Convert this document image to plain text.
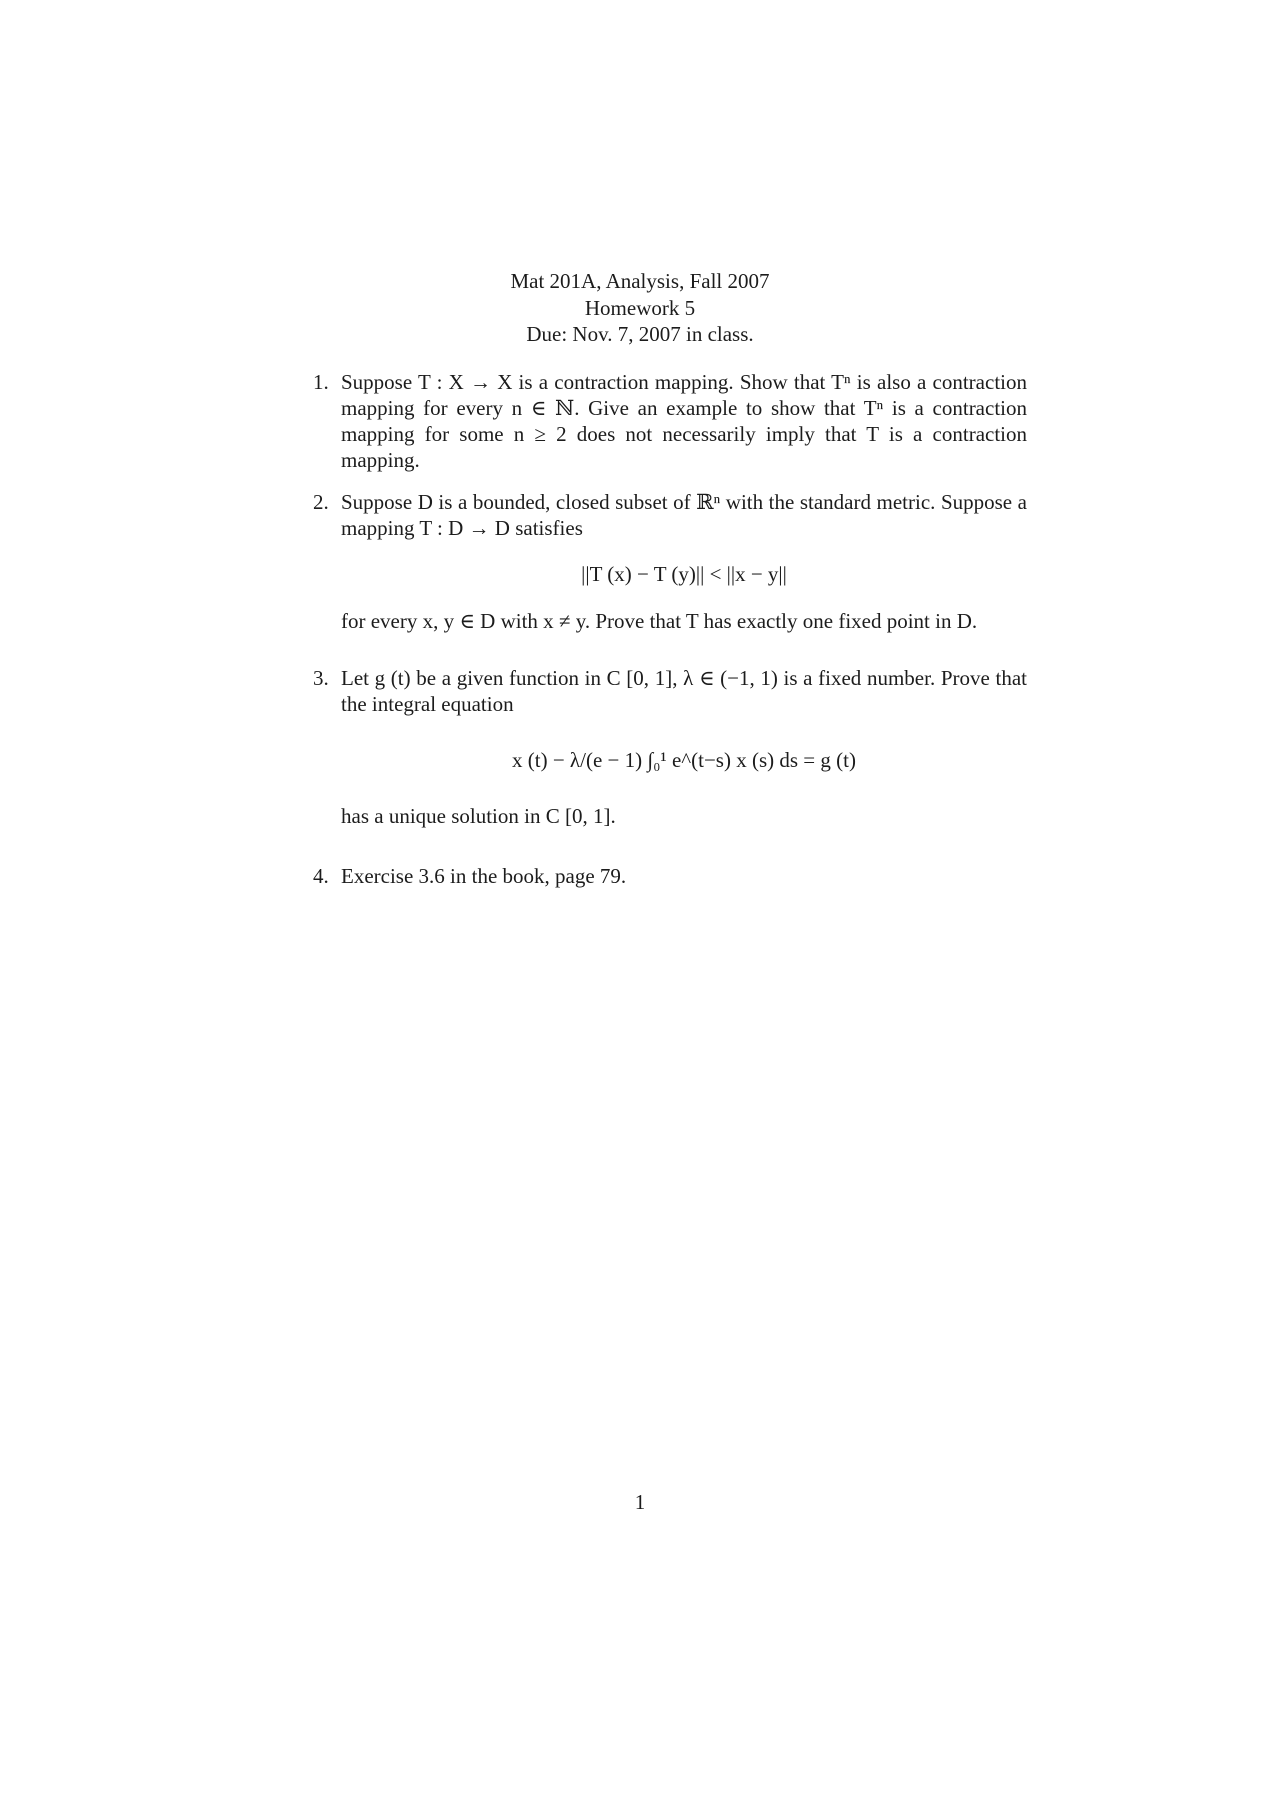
Mat 201A, Analysis, Fall 2007
Homework 5
Due: Nov. 7, 2007 in class.
1. Suppose T : X → X is a contraction mapping. Show that Tⁿ is also a contraction mapping for every n ∈ ℕ. Give an example to show that Tⁿ is a contraction mapping for some n ≥ 2 does not necessarily imply that T is a contraction mapping.
2. Suppose D is a bounded, closed subset of ℝⁿ with the standard metric. Suppose a mapping T : D → D satisfies
||T (x) − T (y)|| < ||x − y||
for every x, y ∈ D with x ≠ y. Prove that T has exactly one fixed point in D.
3. Let g (t) be a given function in C [0, 1], λ ∈ (−1, 1) is a fixed number. Prove that the integral equation
x (t) − λ/(e − 1) ∫₀¹ e^(t−s) x (s) ds = g (t)
has a unique solution in C [0, 1].
4. Exercise 3.6 in the book, page 79.
1
